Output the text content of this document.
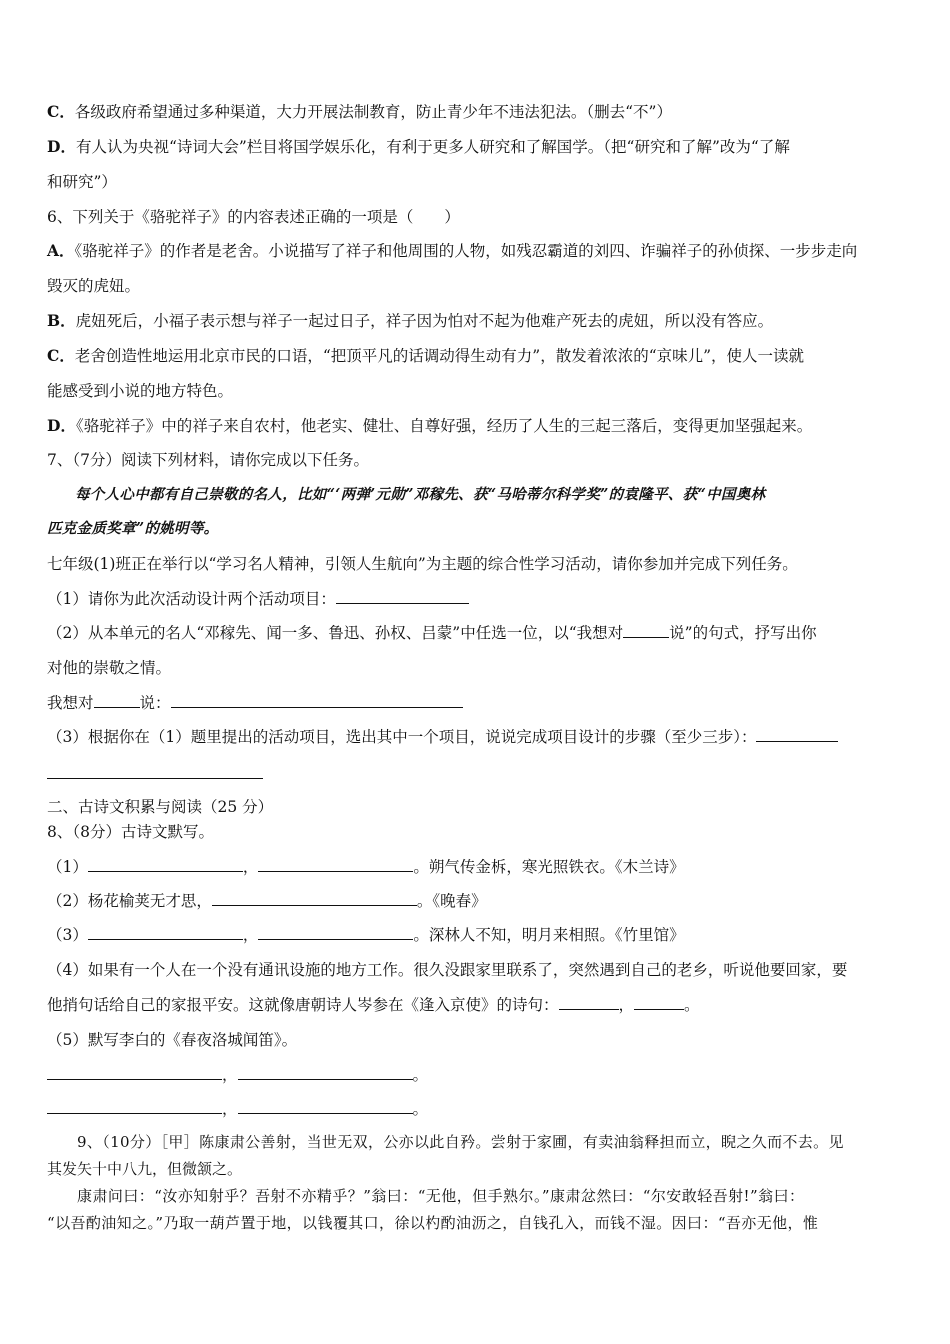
C．各级政府希望通过多种渠道，大力开展法制教育，防止青少年不违法犯法。（删去“不”）
D．有人认为央视“诗词大会”栏目将国学娱乐化，有利于更多人研究和了解国学。（把“研究和了解”改为“了解
和研究”）
6、下列关于《骆驼祥子》的内容表述正确的一项是（　　）
A．《骆驼祥子》的作者是老舍。小说描写了祥子和他周围的人物，如残忍霸道的刘四、诈骗祥子的孙侦探、一步步走向
毁灭的虎妞。
B．虎妞死后，小福子表示想与祥子一起过日子，祥子因为怕对不起为他难产死去的虎妞，所以没有答应。
C．老舍创造性地运用北京市民的口语，“把顶平凡的话调动得生动有力”，散发着浓浓的“京味儿”，使人一读就
能感受到小说的地方特色。
D．《骆驼祥子》中的祥子来自农村，他老实、健壮、自尊好强，经历了人生的三起三落后，变得更加坚强起来。
7、（7分）阅读下列材料，请你完成以下任务。
每个人心中都有自己崇敬的名人，比如“‘两弹’元勋”邓稼先、获“马哈蒂尔科学奖”的袁隆平、获“中国奥林
匹克金质奖章”的姚明等。
七年级(1)班正在举行以“学习名人精神，引领人生航向”为主题的综合性学习活动，请你参加并完成下列任务。
（1）请你为此次活动设计两个活动项目：
（2）从本单元的名人“邓稼先、闻一多、鲁迅、孙权、吕蒙”中任选一位，以“我想对	说”的句式，抒写出你
对他的崇敬之情。
我想对	说：
（3）根据你在（1）题里提出的活动项目，选出其中一个项目，说说完成项目设计的步骤（至少三步）：
二、古诗文积累与阅读（25 分）
8、（8分）古诗文默写。
（1）	，	。朔气传金柝，寒光照铁衣。《木兰诗》
（2）杨花榆荚无才思，	。《晚春》
（3）	，	。深林人不知，明月来相照。《竹里馆》
（4）如果有一个人在一个没有通讯设施的地方工作。很久没跟家里联系了，突然遇到自己的老乡，听说他要回家，要
他捎句话给自己的家报平安。这就像唐朝诗人岑参在《逢入京使》的诗句：	，	。
（5）默写李白的《春夜洛城闻笛》。
，	。
，	。
9、（10分）［甲］陈康肃公善射，当世无双，公亦以此自矜。尝射于家圃，有卖油翁释担而立，睨之久而不去。见
其发矢十中八九，但微颔之。
康肃问曰：“汝亦知射乎？吾射不亦精乎？”翁曰：“无他，但手熟尔。”康肃忿然曰：“尔安敢轻吾射!”翁曰：
“以吾酌油知之。”乃取一葫芦置于地，以钱覆其口，徐以杓酌油沥之，自钱孔入，而钱不湿。因曰：“吾亦无他，惟
